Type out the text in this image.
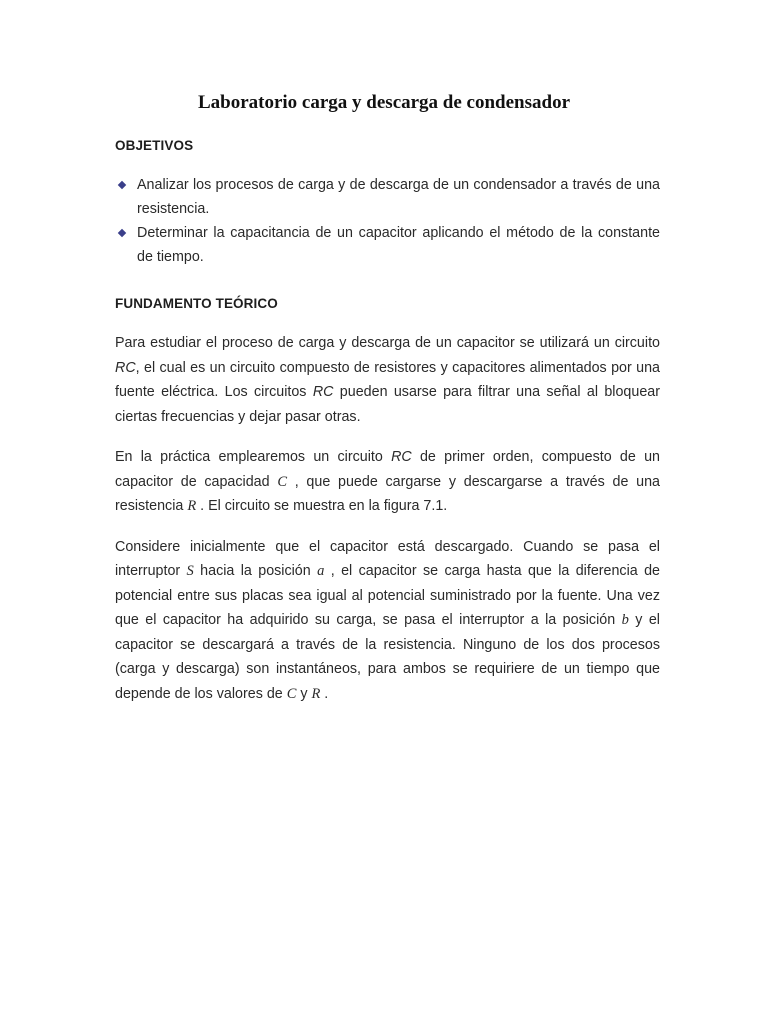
Laboratorio carga y descarga de condensador
OBJETIVOS
Analizar los procesos de carga y de descarga de un condensador a través de una resistencia.
Determinar la capacitancia de un capacitor aplicando el método de la constante de tiempo.
FUNDAMENTO TEÓRICO

Para estudiar el proceso de carga y descarga de un capacitor se utilizará un circuito RC, el cual es un circuito compuesto de resistores y capacitores alimentados por una fuente eléctrica. Los circuitos RC pueden usarse para filtrar una señal al bloquear ciertas frecuencias y dejar pasar otras.

En la práctica emplearemos un circuito RC de primer orden, compuesto de un capacitor de capacidad C , que puede cargarse y descargarse a través de una resistencia R . El circuito se muestra en la figura 7.1.

Considere inicialmente que el capacitor está descargado. Cuando se pasa el interruptor S hacia la posición a , el capacitor se carga hasta que la diferencia de potencial entre sus placas sea igual al potencial suministrado por la fuente. Una vez que el capacitor ha adquirido su carga, se pasa el interruptor a la posición b y el capacitor se descargará a través de la resistencia. Ninguno de los dos procesos (carga y descarga) son instantáneos, para ambos se requiriere de un tiempo que depende de los valores de C y R .
